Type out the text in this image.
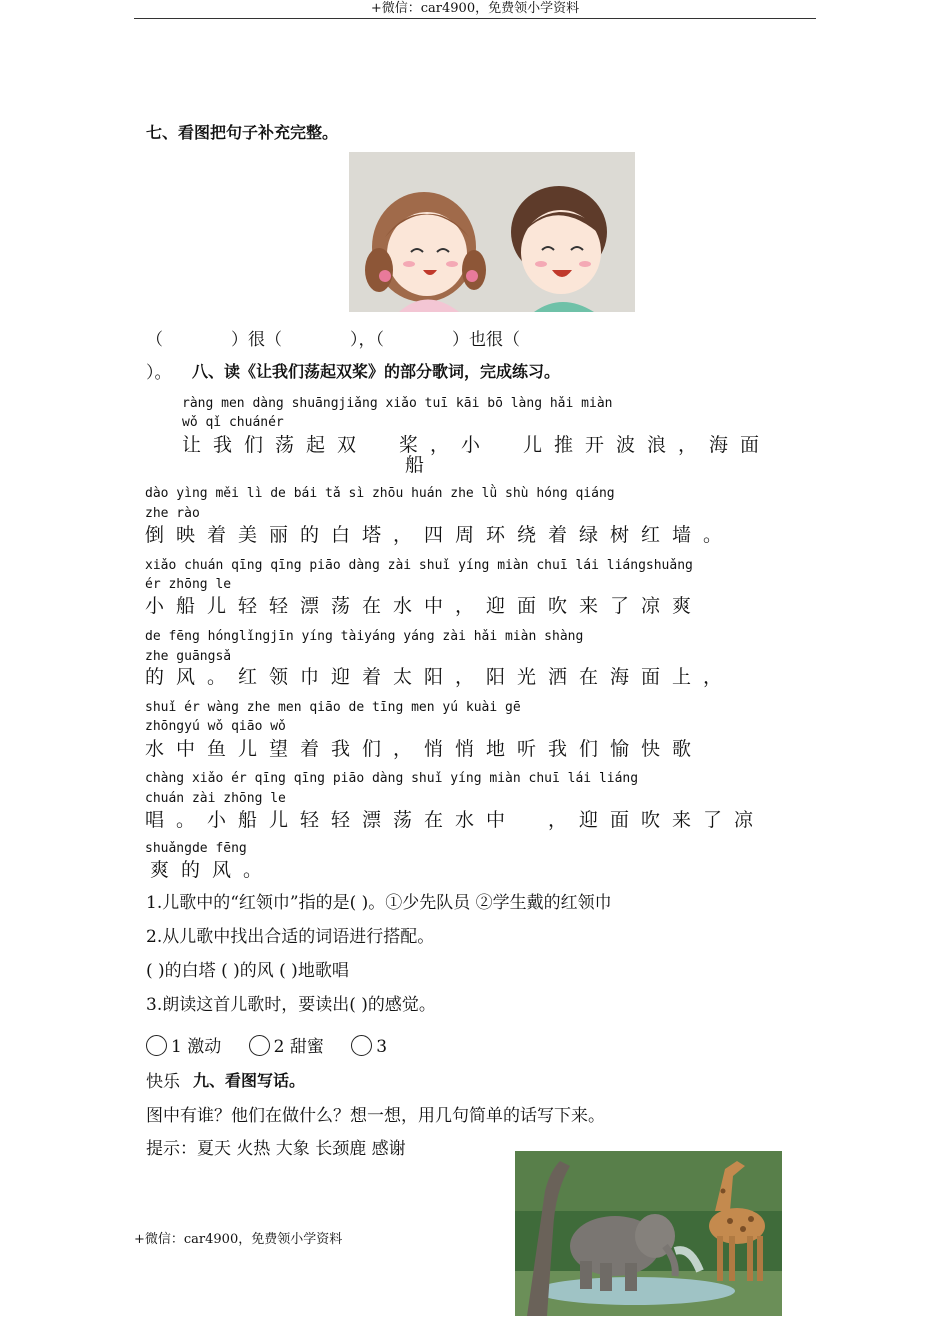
+微信：car4900，免费领小学资料
七、看图把句子补充完整。
（　　　　）很（　　　　），（　　　　）也很（
）。 八、读《让我们荡起双桨》的部分歌词，完成练习。
ràng men dàng shuāngjiǎng xiǎo tuī kāi bō làng hǎi miàn
wǒ qǐ chuánér
让我们荡起双　桨，小　儿推开波浪，海面
船
dào yìng měi lì de bái tǎ sì zhōu huán zhe lǜ shù hóng qiáng
zhe rào
倒映着美丽的白塔，四周环绕着绿树红墙。
xiǎo chuán qīng qīng piāo dàng zài shuǐ yíng miàn chuī lái liángshuǎng
ér zhōng le
小船儿轻轻漂荡在水中，迎面吹来了凉爽
de fēng hónglǐngjīn yíng tàiyáng yáng zài hǎi miàn shàng
zhe guāngsǎ
的风。红领巾迎着太阳，阳光洒在海面上，
shuǐ ér wàng zhe men qiāo de tīng men yú kuài gē
zhōngyú wǒ qiāo wǒ
水中鱼儿望着我们，悄悄地听我们愉快歌
chàng xiǎo ér qīng qīng piāo dàng shuǐ yíng miàn chuī lái liáng
chuán zài zhōng le
唱。小船儿轻轻漂荡在水中　，迎面吹来了凉
shuǎngde fēng
爽的风。
1.儿歌中的“红领巾”指的是( )。①少先队员 ②学生戴的红领巾
2.从儿歌中找出合适的词语进行搭配。
( )的白塔 ( )的风 ( )地歌唱
3.朗读这首儿歌时，要读出( )的感觉。
1 激动	2 甜蜜	3
快乐 九、看图写话。
图中有谁？他们在做什么？想一想，用几句简单的话写下来。
提示：夏天 火热 大象 长颈鹿 感谢
+微信：car4900，免费领小学资料
